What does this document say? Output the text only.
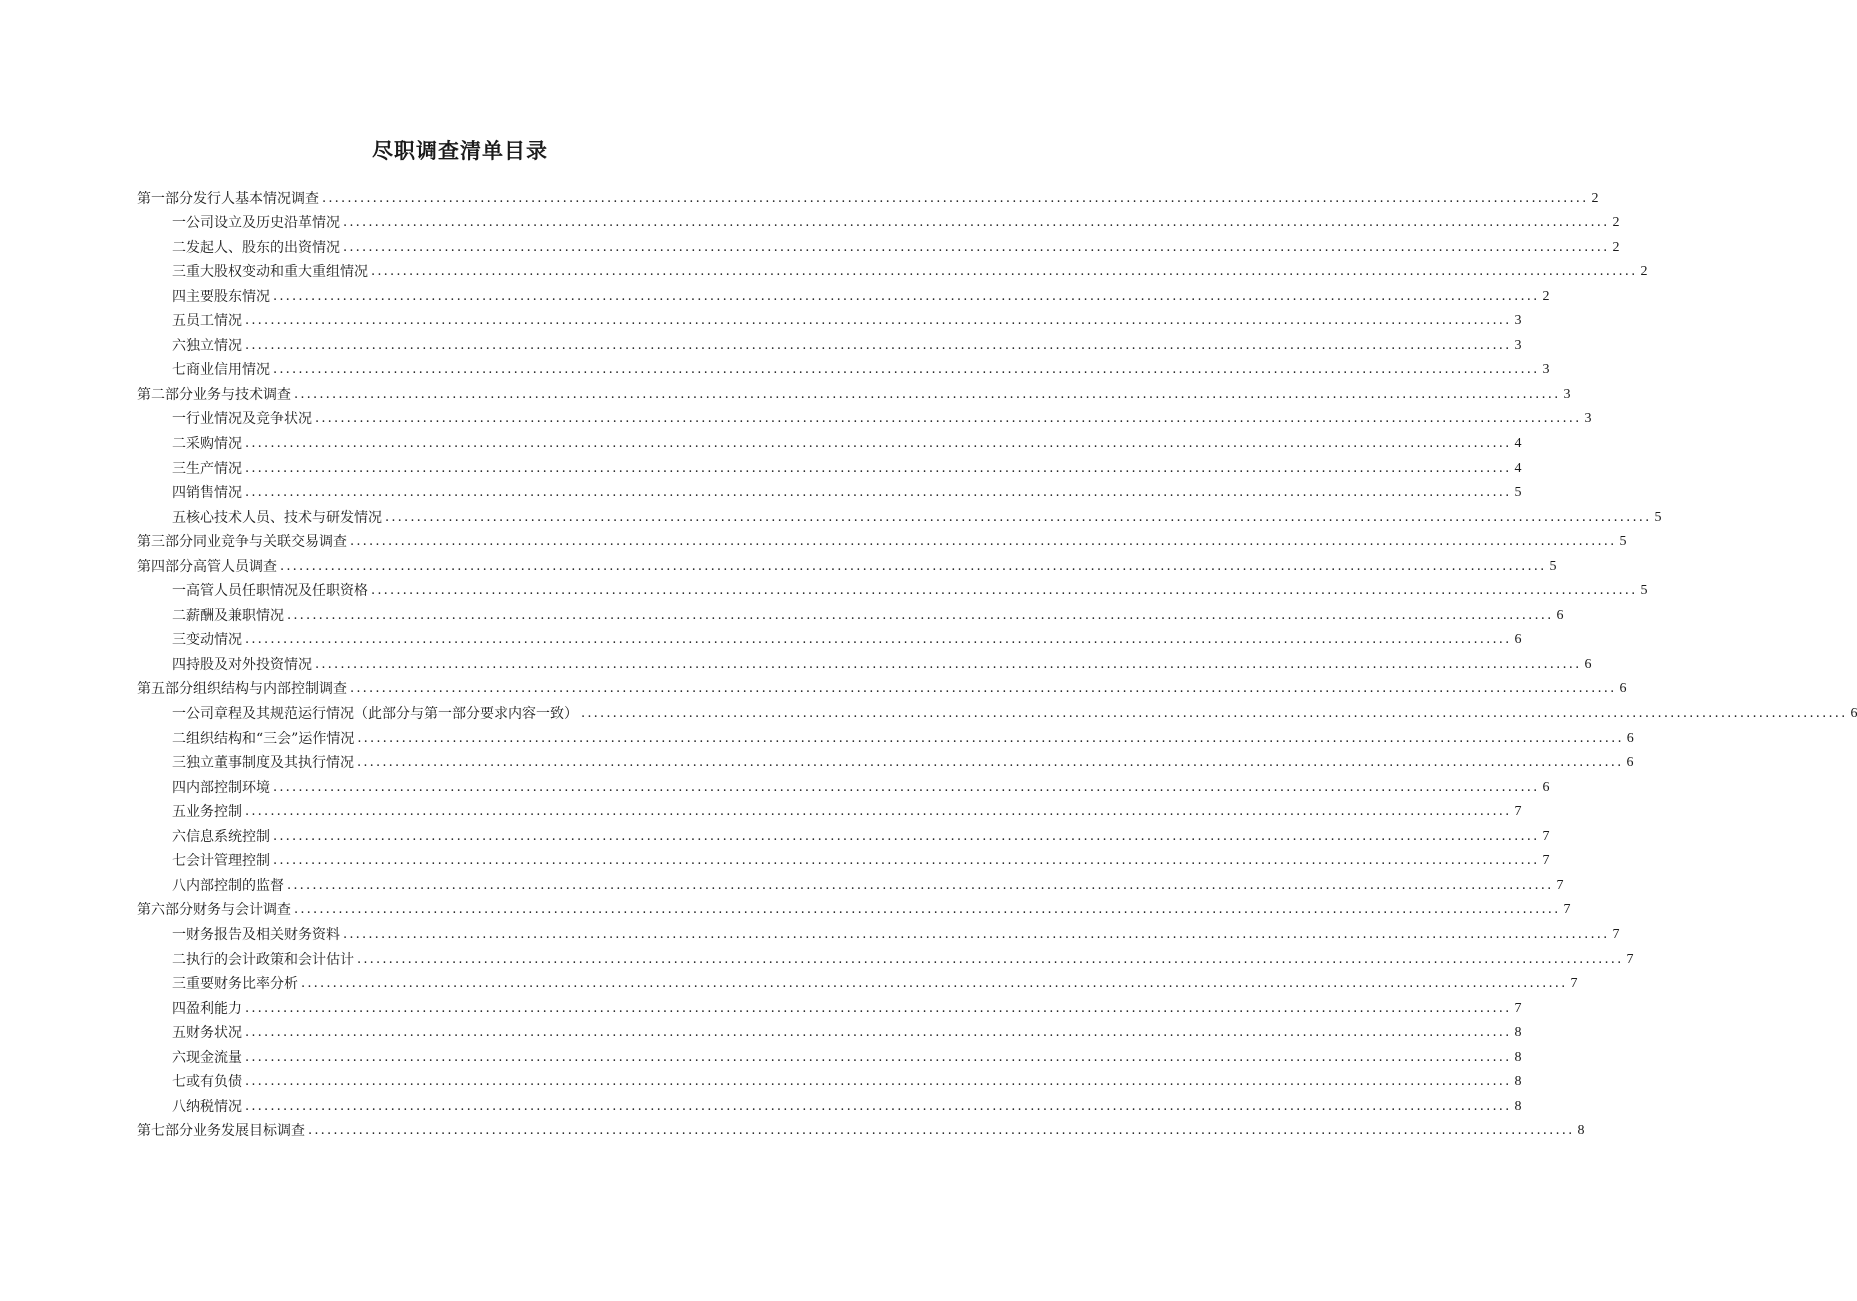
尽职调查清单目录
第一部分发行人基本情况调查 ........................................................................................................................................................................................................ 2
一公司设立及历史沿革情况 ........................................................................................................................................................................................................ 2
二发起人、股东的出资情况 ........................................................................................................................................................................................................ 2
三重大股权变动和重大重组情况 ........................................................................................................................................................................................................ 2
四主要股东情况 ........................................................................................................................................................................................................ 2
五员工情况 ........................................................................................................................................................................................................ 3
六独立情况 ........................................................................................................................................................................................................ 3
七商业信用情况 ........................................................................................................................................................................................................ 3
第二部分业务与技术调查 ........................................................................................................................................................................................................ 3
一行业情况及竞争状况 ........................................................................................................................................................................................................ 3
二采购情况 ........................................................................................................................................................................................................ 4
三生产情况 ........................................................................................................................................................................................................ 4
四销售情况 ........................................................................................................................................................................................................ 5
五核心技术人员、技术与研发情况 ........................................................................................................................................................................................................ 5
第三部分同业竞争与关联交易调查 ........................................................................................................................................................................................................ 5
第四部分高管人员调查 ........................................................................................................................................................................................................ 5
一高管人员任职情况及任职资格 ........................................................................................................................................................................................................ 5
二薪酬及兼职情况 ........................................................................................................................................................................................................ 6
三变动情况 ........................................................................................................................................................................................................ 6
四持股及对外投资情况 ........................................................................................................................................................................................................ 6
第五部分组织结构与内部控制调查 ........................................................................................................................................................................................................ 6
一公司章程及其规范运行情况（此部分与第一部分要求内容一致） ........................................................................................................................................................................................................ 6
二组织结构和“三会”运作情况 ........................................................................................................................................................................................................ 6
三独立董事制度及其执行情况 ........................................................................................................................................................................................................ 6
四内部控制环境 ........................................................................................................................................................................................................ 6
五业务控制 ........................................................................................................................................................................................................ 7
六信息系统控制 ........................................................................................................................................................................................................ 7
七会计管理控制 ........................................................................................................................................................................................................ 7
八内部控制的监督 ........................................................................................................................................................................................................ 7
第六部分财务与会计调查 ........................................................................................................................................................................................................ 7
一财务报告及相关财务资料 ........................................................................................................................................................................................................ 7
二执行的会计政策和会计估计 ........................................................................................................................................................................................................ 7
三重要财务比率分析 ........................................................................................................................................................................................................ 7
四盈利能力 ........................................................................................................................................................................................................ 7
五财务状况 ........................................................................................................................................................................................................ 8
六现金流量 ........................................................................................................................................................................................................ 8
七或有负债 ........................................................................................................................................................................................................ 8
八纳税情况 ........................................................................................................................................................................................................ 8
第七部分业务发展目标调查 ........................................................................................................................................................................................................ 8
